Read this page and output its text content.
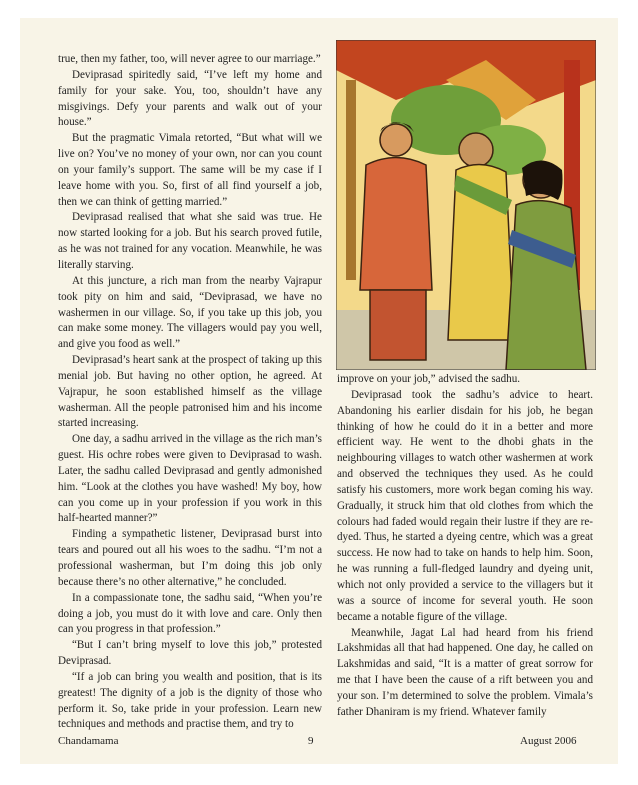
true, then my father, too, will never agree to our marriage.”

Deviprasad spiritedly said, “I’ve left my home and family for your sake. You, too, shouldn’t have any misgivings. Defy your parents and walk out of your house.”

But the pragmatic Vimala retorted, “But what will we live on? You’ve no money of your own, nor can you count on your family’s support. The same will be my case if I leave home with you. So, first of all find yourself a job, then we can think of getting married.”

Deviprasad realised that what she said was true. He now started looking for a job. But his search proved futile, as he was not trained for any vocation. Meanwhile, he was literally starving.

At this juncture, a rich man from the nearby Vajrapur took pity on him and said, “Deviprasad, we have no washermen in our village. So, if you take up this job, you can make some money. The villagers would pay you well, and give you food as well.”

Deviprasad’s heart sank at the prospect of taking up this menial job. But having no other option, he agreed. At Vajrapur, he soon established himself as the village washerman. All the people patronised him and his income started increasing.

One day, a sadhu arrived in the village as the rich man’s guest. His ochre robes were given to Deviprasad to wash. Later, the sadhu called Deviprasad and gently admonished him. “Look at the clothes you have washed! My boy, how can you come up in your profession if you work in this half-hearted manner?”

Finding a sympathetic listener, Deviprasad burst into tears and poured out all his woes to the sadhu. “I’m not a professional washerman, but I’m doing this job only because there’s no other alternative,” he concluded.

In a compassionate tone, the sadhu said, “When you’re doing a job, you must do it with love and care. Only then can you progress in that profession.”

“But I can’t bring myself to love this job,” protested Deviprasad.

“If a job can bring you wealth and position, that is its greatest! The dignity of a job is the dignity of those who perform it. So, take pride in your profession. Learn new techniques and methods and practise them, and try to

improve on your job,” advised the sadhu.

Deviprasad took the sadhu’s advice to heart. Abandoning his earlier disdain for his job, he began thinking of how he could do it in a better and more efficient way. He went to the dhobi ghats in the neighbouring villages to watch other washermen at work and observed the techniques they used. As he could satisfy his customers, more work began coming his way. Gradually, it struck him that old clothes from which the colours had faded would regain their lustre if they are re-dyed. Thus, he started a dyeing centre, which was a great success. He now had to take on hands to help him. Soon, he was running a full-fledged laundry and dyeing unit, which not only provided a service to the villagers but it was a source of income for several youth. He soon became a notable figure of the village.

Meanwhile, Jagat Lal had heard from his friend Lakshmidas all that had happened. One day, he called on Lakshmidas and said, “It is a matter of great sorrow for me that I have been the cause of a rift between you and your son. I’m determined to solve the problem. Vimala’s father Dhaniram is my friend. Whatever family

Chandamama	9	August 2006
